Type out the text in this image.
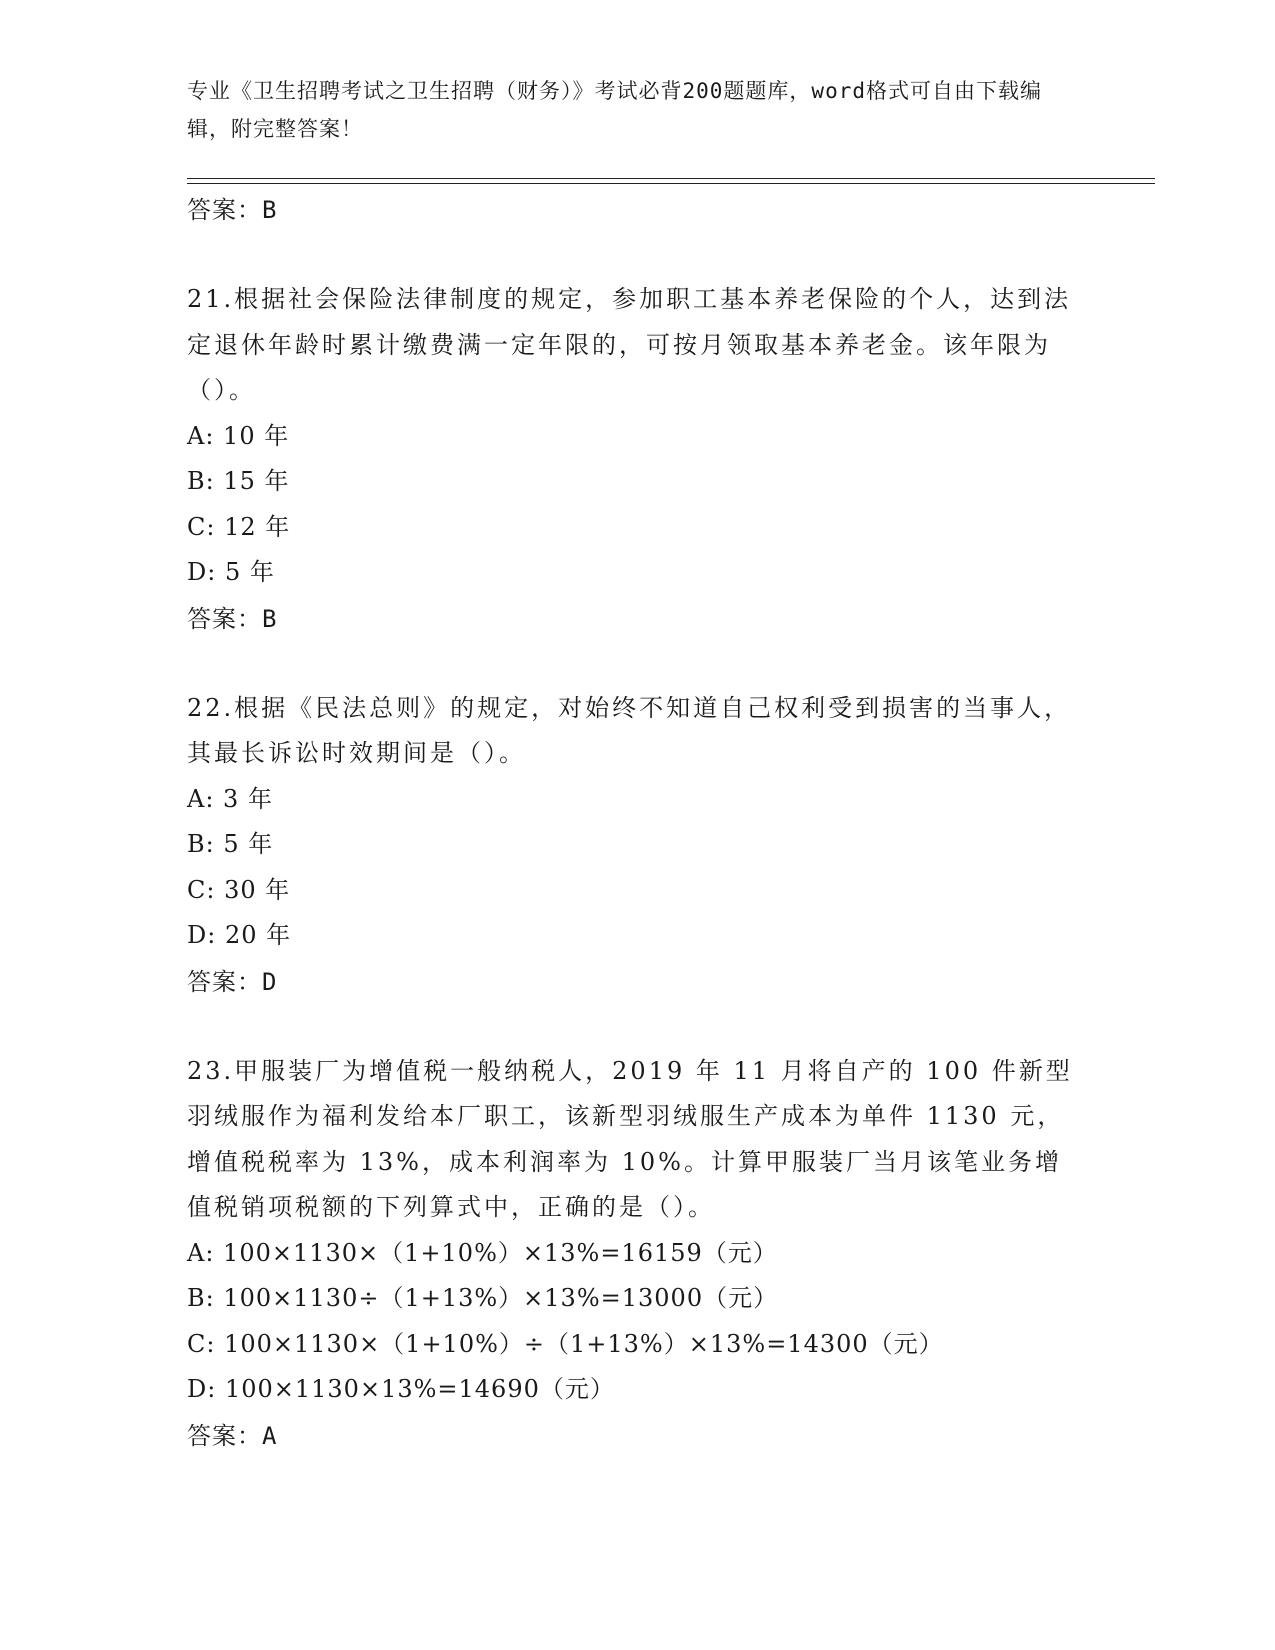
专业《卫生招聘考试之卫生招聘（财务）》考试必背200题题库，word格式可自由下载编辑，附完整答案！
答案：B
21.根据社会保险法律制度的规定，参加职工基本养老保险的个人，达到法定退休年龄时累计缴费满一定年限的，可按月领取基本养老金。该年限为（）。
A: 10 年
B: 15 年
C: 12 年
D: 5 年
答案：B
22.根据《民法总则》的规定，对始终不知道自己权利受到损害的当事人，其最长诉讼时效期间是（）。
A: 3 年
B: 5 年
C: 30 年
D: 20 年
答案：D
23.甲服装厂为增值税一般纳税人，2019 年 11 月将自产的 100 件新型羽绒服作为福利发给本厂职工，该新型羽绒服生产成本为单件 1130 元，增值税税率为 13%，成本利润率为 10%。计算甲服装厂当月该笔业务增值税销项税额的下列算式中，正确的是（）。
A: 100×1130×（1+10%）×13%=16159（元）
B: 100×1130÷（1+13%）×13%=13000（元）
C: 100×1130×（1+10%）÷（1+13%）×13%=14300（元）
D: 100×1130×13%=14690（元）
答案：A
